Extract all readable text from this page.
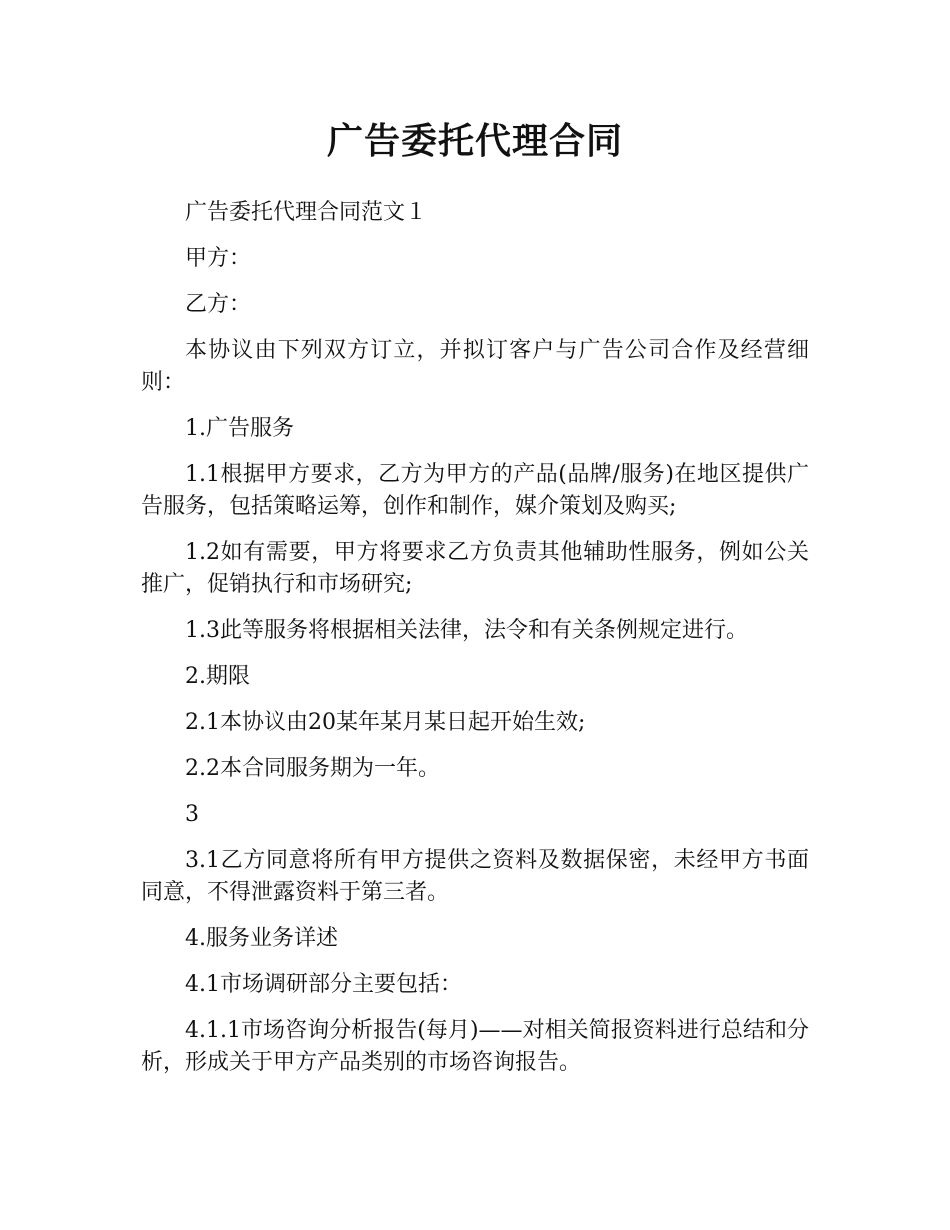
广告委托代理合同

广告委托代理合同范文１

甲方：

乙方：

本协议由下列双方订立，并拟订客户与广告公司合作及经营细则：

1.广告服务

1.1根据甲方要求，乙方为甲方的产品(品牌/服务)在地区提供广告服务，包括策略运筹，创作和制作，媒介策划及购买;

1.2如有需要，甲方将要求乙方负责其他辅助性服务，例如公关推广，促销执行和市场研究;

1.3此等服务将根据相关法律，法令和有关条例规定进行。

2.期限

2.1本协议由20某年某月某日起开始生效;

2.2本合同服务期为一年。

3

3.1乙方同意将所有甲方提供之资料及数据保密，未经甲方书面同意，不得泄露资料于第三者。

4.服务业务详述

4.1市场调研部分主要包括：

4.1.1市场咨询分析报告(每月)——对相关简报资料进行总结和分析，形成关于甲方产品类别的市场咨询报告。
